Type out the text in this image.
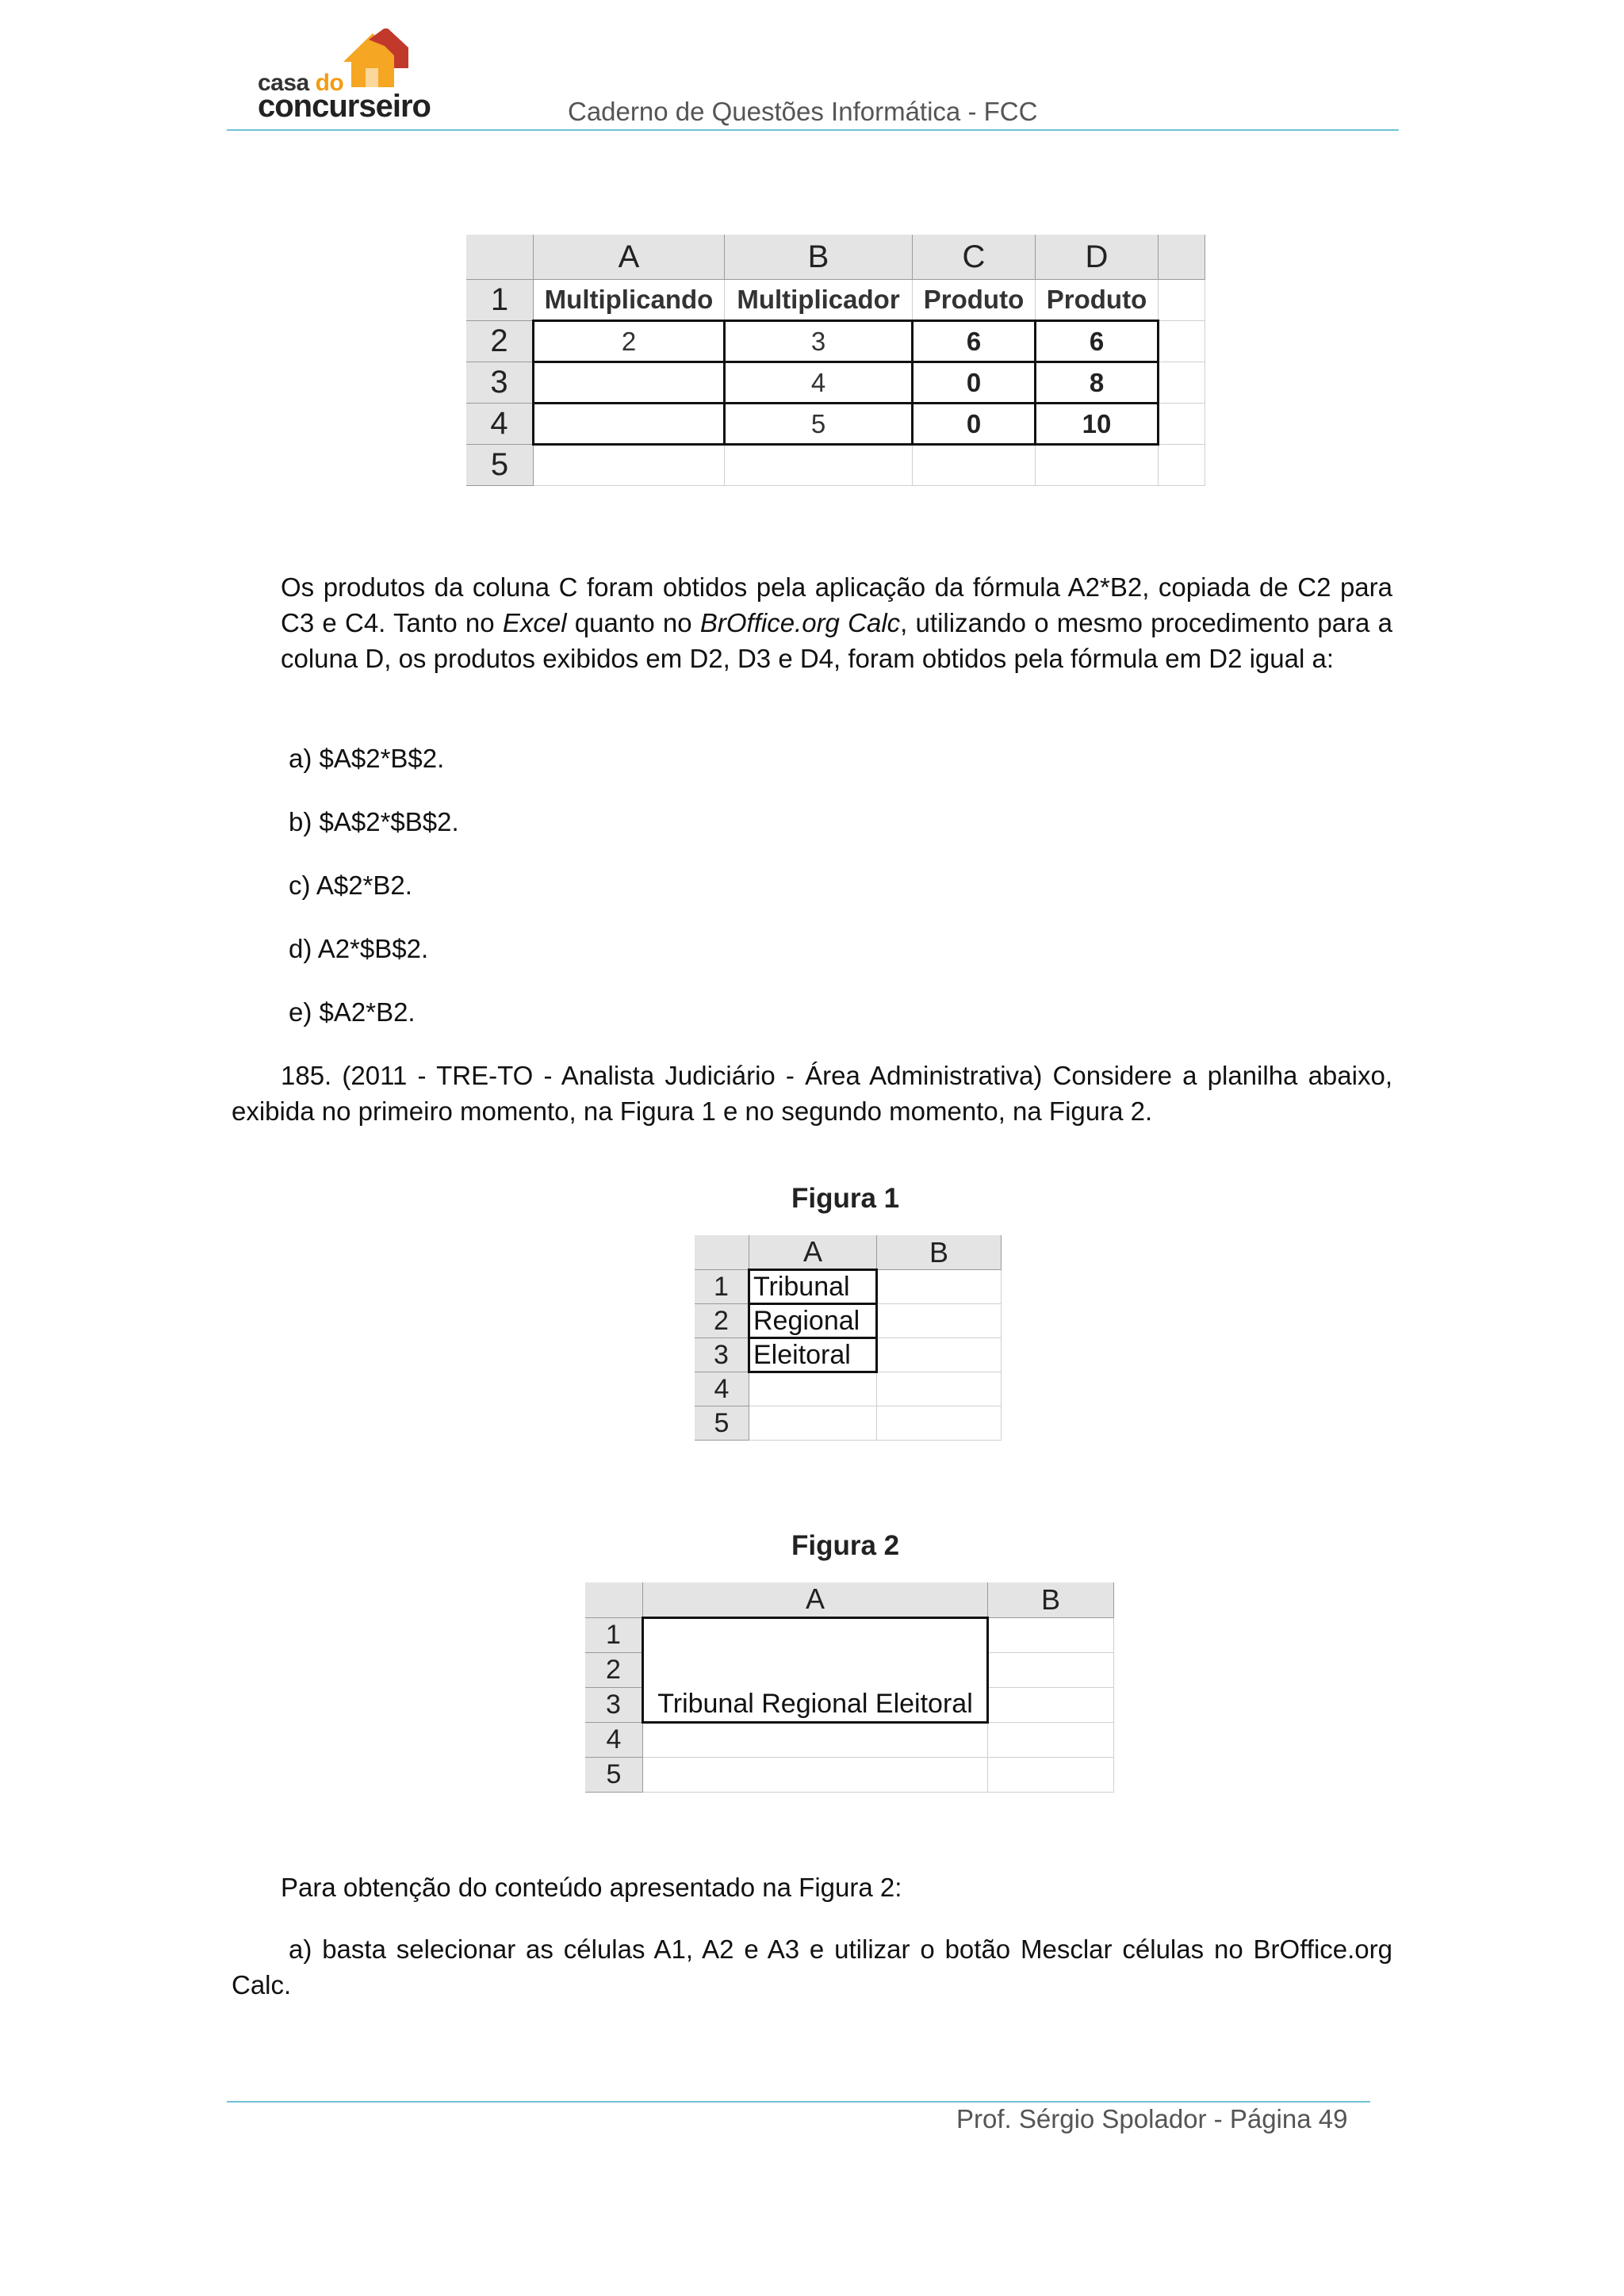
casa do
concurseiro	Caderno de Questões Informática - FCC
	A	B	C	D	
1	Multiplicando	Multiplicador	Produto	Produto	
2	2	3	6	6	
3		4	0	8	
4		5	0	10	
5					
Os produtos da coluna C foram obtidos pela aplicação da fórmula A2*B2, copiada de C2 para C3 e C4. Tanto no Excel quanto no BrOffice.org Calc, utilizando o mesmo procedimento para a coluna D, os produtos exibidos em D2, D3 e D4, foram obtidos pela fórmula em D2 igual a:
a) $A$2*B$2.
b) $A$2*$B$2.
c) A$2*B2.
d) A2*$B$2.
e) $A2*B2.
185. (2011 - TRE-TO - Analista Judiciário - Área Administrativa) Considere a planilha abaixo, exibida no primeiro momento, na Figura 1 e no segundo momento, na Figura 2.
Figura 1
	A	B
1	Tribunal	
2	Regional	
3	Eleitoral	
4		
5		
Figura 2
	A	B
1	Tribunal Regional Eleitoral	
2		
3		
4		
5		
Para obtenção do conteúdo apresentado na Figura 2:
a) basta selecionar as células A1, A2 e A3 e utilizar o botão Mesclar células no BrOffice.org Calc.
Prof. Sérgio Spolador - Página 49
